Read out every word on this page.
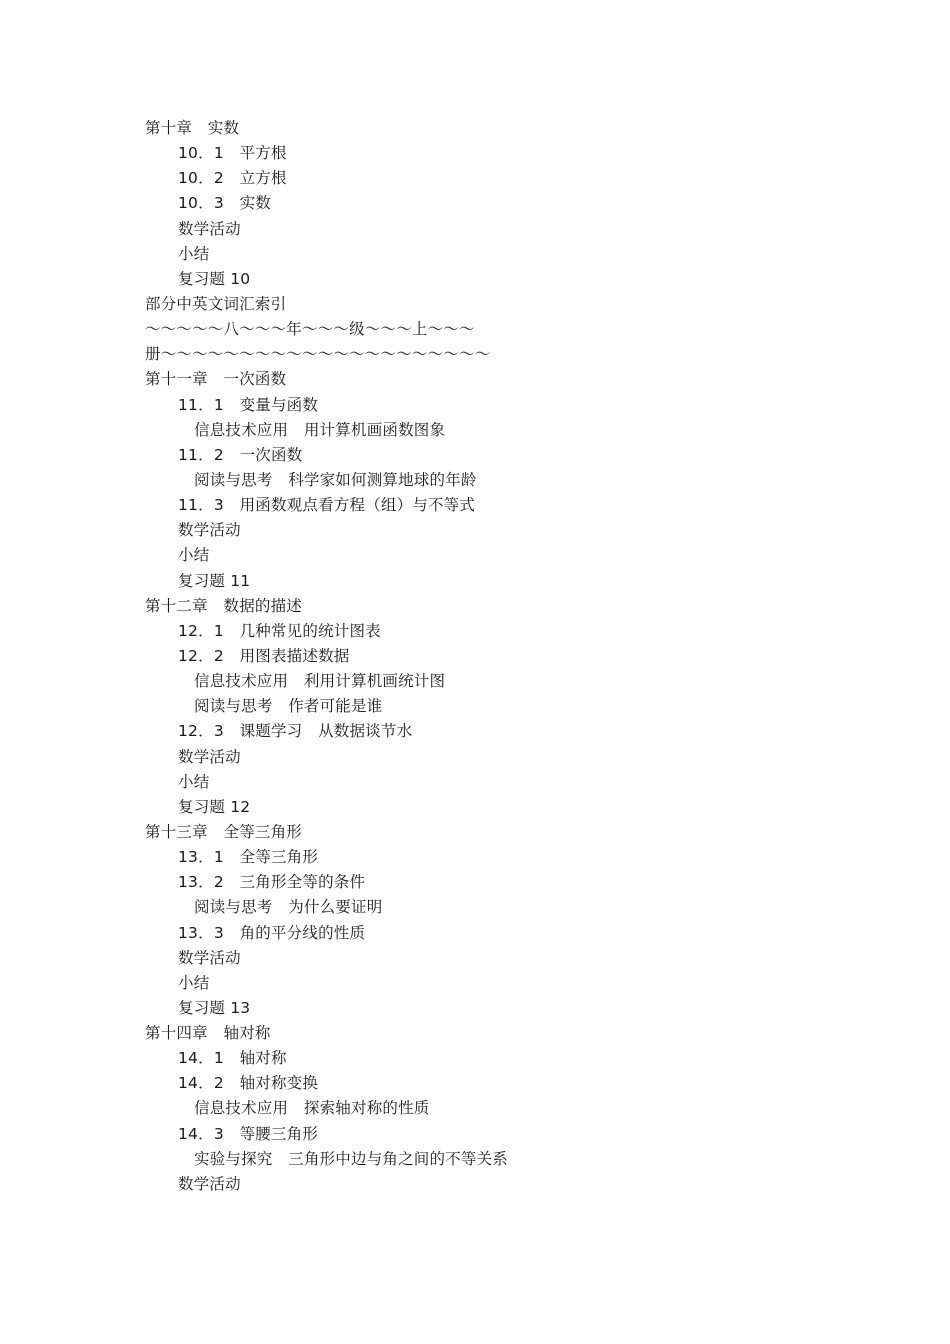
第十章　实数
10．1　平方根
10．2　立方根
10．3　实数
数学活动
小结
复习题 10
部分中英文词汇索引
～～～～～八～～～年～～～级～～～上～～～
册～～～～～～～～～～～～～～～～～～～～～
第十一章　一次函数
11．1　变量与函数
信息技术应用　用计算机画函数图象
11．2　一次函数
阅读与思考　科学家如何测算地球的年龄
11．3　用函数观点看方程（组）与不等式
数学活动
小结
复习题 11
第十二章　数据的描述
12．1　几种常见的统计图表
12．2　用图表描述数据
信息技术应用　利用计算机画统计图
阅读与思考　作者可能是谁
12．3　课题学习　从数据谈节水
数学活动
小结
复习题 12
第十三章　全等三角形
13．1　全等三角形
13．2　三角形全等的条件
阅读与思考　为什么要证明
13．3　角的平分线的性质
数学活动
小结
复习题 13
第十四章　轴对称
14．1　轴对称
14．2　轴对称变换
信息技术应用　探索轴对称的性质
14．3　等腰三角形
实验与探究　三角形中边与角之间的不等关系
数学活动
